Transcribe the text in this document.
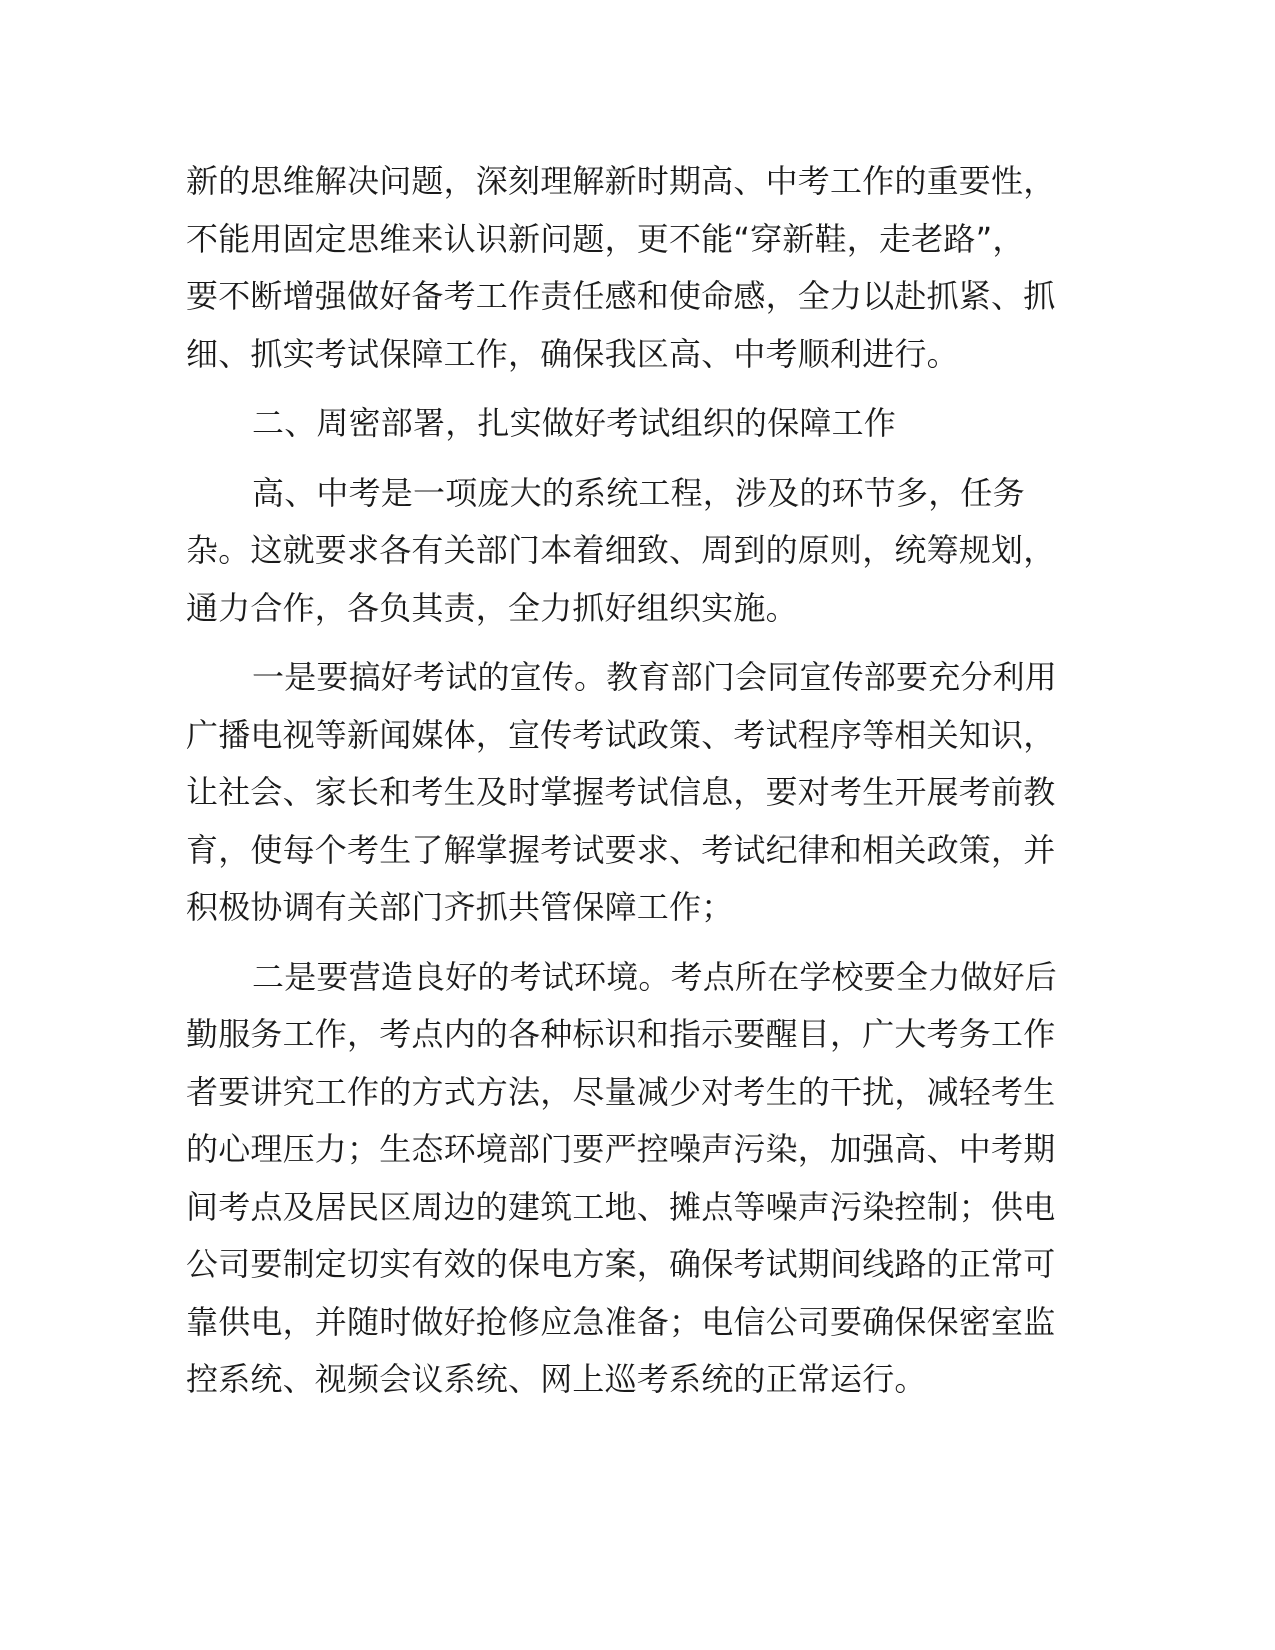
新的思维解决问题，深刻理解新时期高、中考工作的重要性，
不能用固定思维来认识新问题，更不能“穿新鞋，走老路”，
要不断增强做好备考工作责任感和使命感，全力以赴抓紧、抓
细、抓实考试保障工作，确保我区高、中考顺利进行。
二、周密部署，扎实做好考试组织的保障工作
高、中考是一项庞大的系统工程，涉及的环节多，任务
杂。这就要求各有关部门本着细致、周到的原则，统筹规划，
通力合作，各负其责，全力抓好组织实施。
一是要搞好考试的宣传。教育部门会同宣传部要充分利用
广播电视等新闻媒体，宣传考试政策、考试程序等相关知识，
让社会、家长和考生及时掌握考试信息，要对考生开展考前教
育，使每个考生了解掌握考试要求、考试纪律和相关政策，并
积极协调有关部门齐抓共管保障工作；
二是要营造良好的考试环境。考点所在学校要全力做好后
勤服务工作，考点内的各种标识和指示要醒目，广大考务工作
者要讲究工作的方式方法，尽量减少对考生的干扰，减轻考生
的心理压力；生态环境部门要严控噪声污染，加强高、中考期
间考点及居民区周边的建筑工地、摊点等噪声污染控制；供电
公司要制定切实有效的保电方案，确保考试期间线路的正常可
靠供电，并随时做好抢修应急准备；电信公司要确保保密室监
控系统、视频会议系统、网上巡考系统的正常运行。
